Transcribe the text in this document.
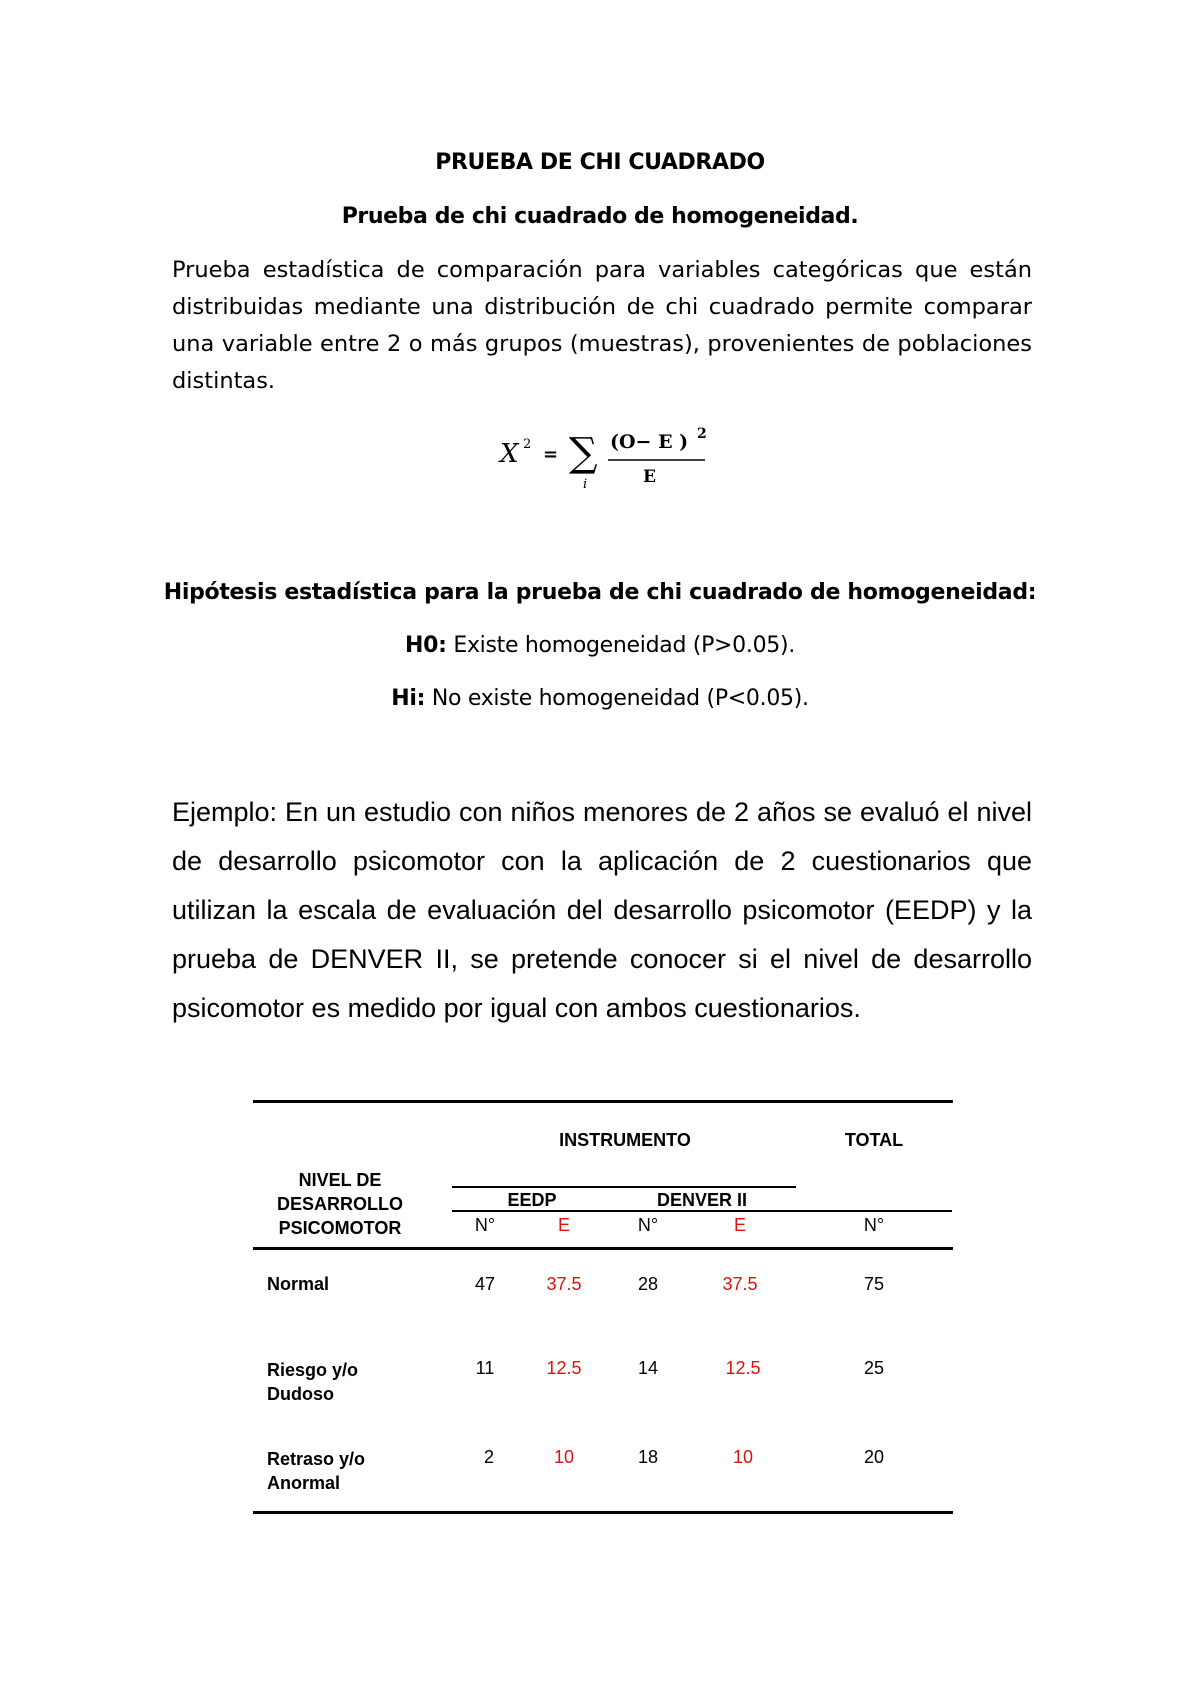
PRUEBA DE CHI CUADRADO
Prueba de chi cuadrado de homogeneidad.
Prueba estadística de comparación para variables categóricas que están distribuidas mediante una distribución de chi cuadrado permite comparar una variable entre 2 o más grupos (muestras), provenientes de poblaciones distintas.
X 2 = ∑
i
(O− E ) 2
E
Hipótesis estadística para la prueba de chi cuadrado de homogeneidad:
H0: Existe homogeneidad (P>0.05).
Hi: No existe homogeneidad (P<0.05).
Ejemplo: En un estudio con niños menores de 2 años se evaluó el nivel de desarrollo psicomotor con la aplicación de 2 cuestionarios que utilizan la escala de evaluación del desarrollo psicomotor (EEDP) y la prueba de DENVER II, se pretende conocer si el nivel de desarrollo psicomotor es medido por igual con ambos cuestionarios.
NIVEL DE
DESARROLLO
PSICOMOTOR
INSTRUMENTO	TOTAL
EEDP	DENVER II
N°	E	N°	E	N°
Normal	47	37.5	28	37.5	75
Riesgo y/o
Dudoso
11	12.5	14	12.5	25
Retraso y/o
Anormal
2	10	18	10	20
